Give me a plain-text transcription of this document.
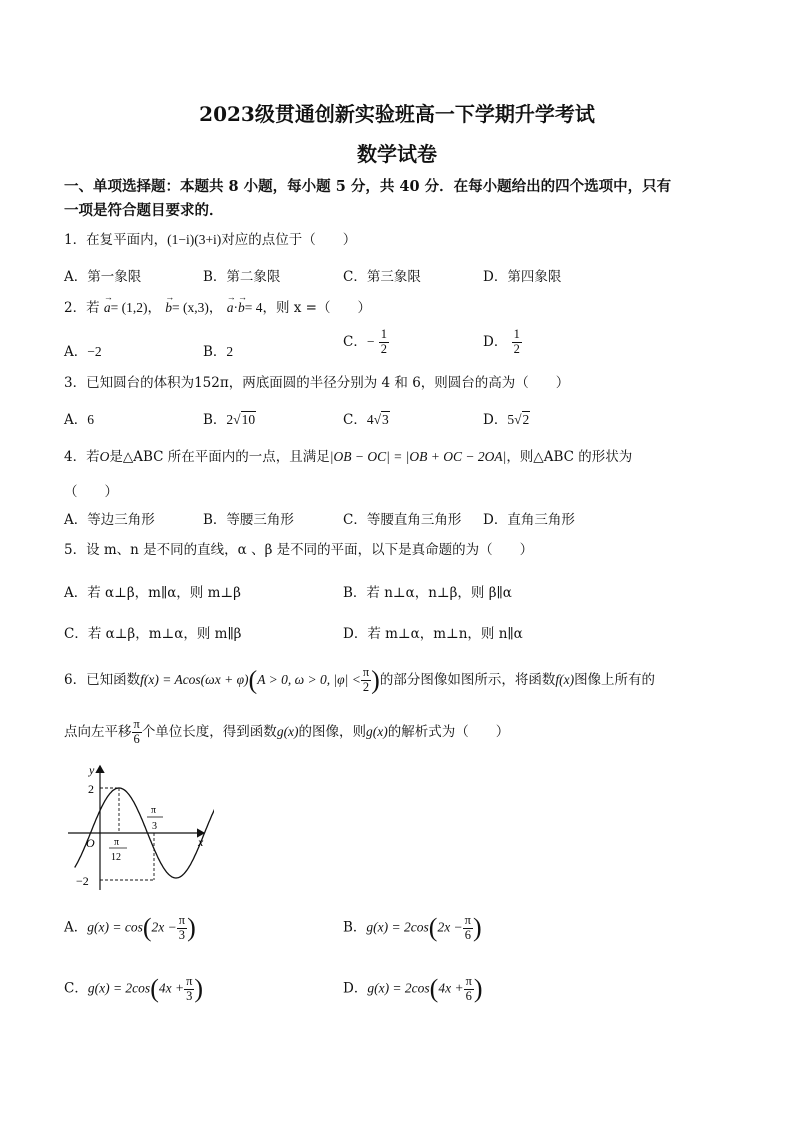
2023级贯通创新实验班高一下学期升学考试
数学试卷
一、单项选择题：本题共 8 小题，每小题 5 分，共 40 分．在每小题给出的四个选项中，只有
一项是符合题目要求的．
1．在复平面内，(1−i)(3+i)对应的点位于（　　）
A．第一象限	B．第二象限	C．第三象限	D．第四象限
2．若 → a= (1,2)， → b= (x,3)， → a·→ b= 4，则 x =（　　）
A．−2	B．2
C．− $\frac{1}{2}$	D． $\frac{1}{2}$
3．已知圆台的体积为152π，两底面圆的半径分别为 4 和 6，则圆台的高为（　　）
A．6	B．2√10	C．4√3	D．5√2
4．若O是△ABC 所在平面内的一点，且满足|OB − OC| = |OB + OC − 2OA|，则△ABC 的形状为
（　　）
A．等边三角形	B．等腰三角形	C．等腰直角三角形 D．直角三角形
5．设 m、n 是不同的直线，α 、β 是不同的平面，以下是真命题的为（　　）
A．若 α⊥β，m∥α，则 m⊥β	B．若 n⊥α，n⊥β，则 β∥α
C．若 α⊥β，m⊥α，则 m∥β	D．若 m⊥α，m⊥n，则 n∥α
6．已知函数f(x) = Acos(ωx + φ)(A > 0, ω > 0, $|\varphi| < \frac{\pi}{2}$ )的部分图像如图所示，将函数f(x)图像上所有的
点向左平移 $\frac{\pi}{6}$ 个单位长度，得到函数g(x)的图像，则g(x)的解析式为（　　）
y
x
O
2
−2
π
12
π
3
A．$g(x) = \cos(2x - \frac{\pi}{3}$ )	B．$g(x) = 2\cos(2x - \frac{\pi}{6}$ )
C．$g(x) = 2\cos(4x + \frac{\pi}{3}$ )	D．$g(x) = 2\cos(4x + \frac{\pi}{6}$ )
